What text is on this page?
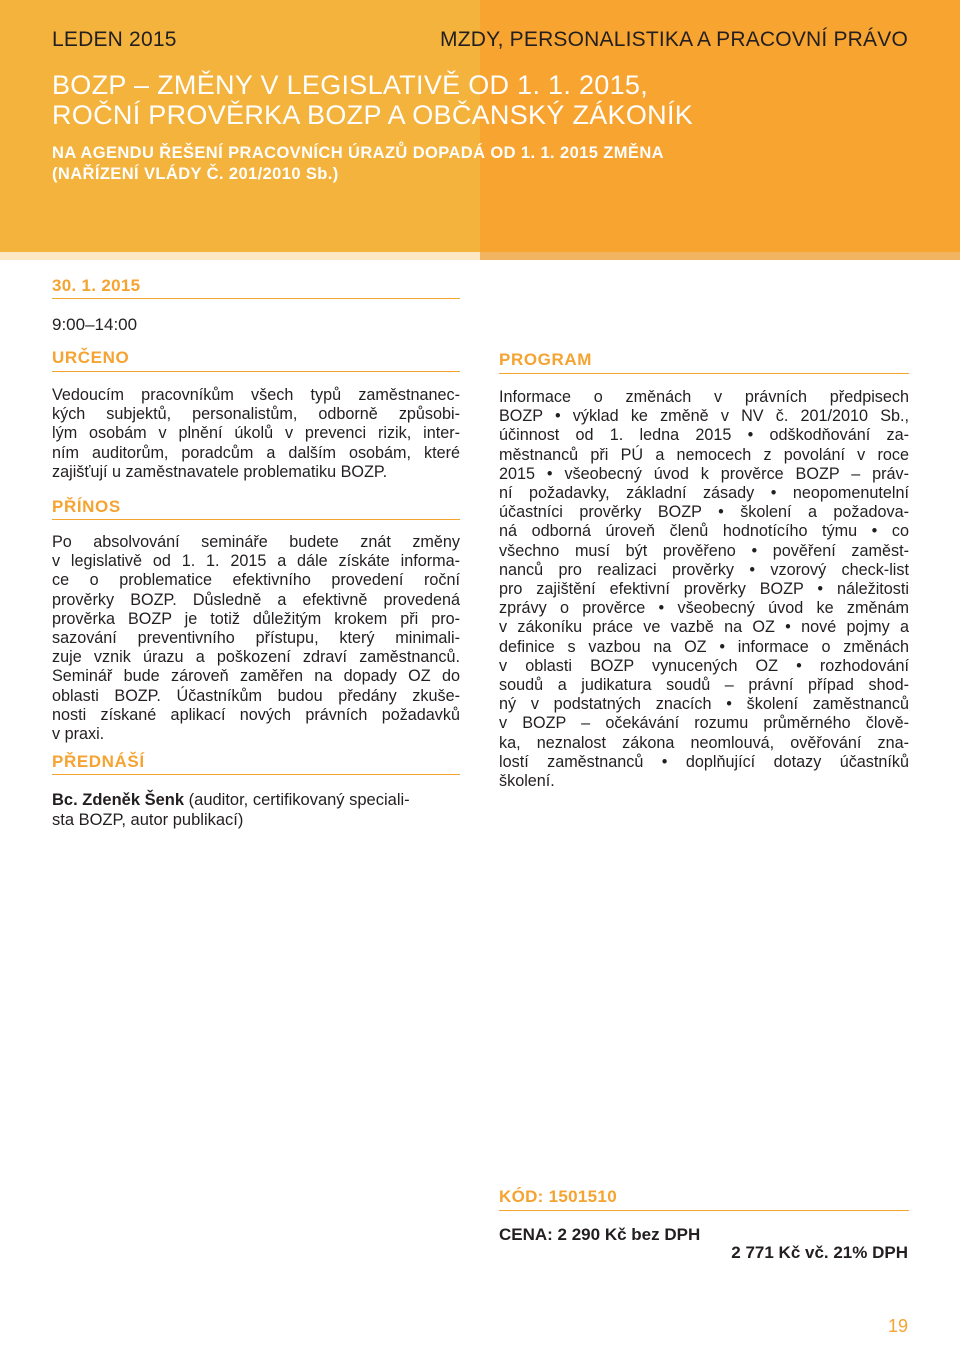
LEDEN 2015	MZDY, PERSONALISTIKA A PRACOVNÍ PRÁVO
BOZP – ZMĚNY V LEGISLATIVĚ OD 1. 1. 2015,
ROČNÍ PROVĚRKA BOZP A OBČANSKÝ ZÁKONÍK
NA AGENDU ŘEŠENÍ PRACOVNÍCH ÚRAZŮ DOPADÁ OD 1. 1. 2015 ZMĚNA
(NAŘÍZENÍ VLÁDY Č. 201/2010 Sb.)
30. 1. 2015
9:00–14:00
URČENO
Vedoucím pracovníkům všech typů zaměstnanec-
kých subjektů, personalistům, odborně způsobi-
lým osobám v plnění úkolů v prevenci rizik, inter-
ním auditorům, poradcům a dalším osobám, které
zajišťují u zaměstnavatele problematiku BOZP.
PŘÍNOS
Po absolvování semináře budete znát změny
v legislativě od 1. 1. 2015 a dále získáte informa-
ce o problematice efektivního provedení roční
prověrky BOZP. Důsledně a efektivně provedená
prověrka BOZP je totiž důležitým krokem při pro-
sazování preventivního přístupu, který minimali-
zuje vznik úrazu a poškození zdraví zaměstnanců.
Seminář bude zároveň zaměřen na dopady OZ do
oblasti BOZP. Účastníkům budou předány zkuše-
nosti získané aplikací nových právních požadavků
v praxi.
PŘEDNÁŠÍ
Bc. Zdeněk Šenk (auditor, certifikovaný speciali-
sta BOZP, autor publikací)
PROGRAM
Informace o změnách v právních předpisech
BOZP • výklad ke změně v NV č. 201/2010 Sb.,
účinnost od 1. ledna 2015 • odškodňování za-
městnanců při PÚ a nemocech z povolání v roce
2015 • všeobecný úvod k prověrce BOZP – práv-
ní požadavky, základní zásady • neopomenutelní
účastníci prověrky BOZP • školení a požadova-
ná odborná úroveň členů hodnotícího týmu • co
všechno musí být prověřeno • pověření zaměst-
nanců pro realizaci prověrky • vzorový check-list
pro zajištění efektivní prověrky BOZP • náležitosti
zprávy o prověrce • všeobecný úvod ke změnám
v zákoníku práce ve vazbě na OZ • nové pojmy a
definice s vazbou na OZ • informace o změnách
v oblasti BOZP vynucených OZ • rozhodování
soudů a judikatura soudů – právní případ shod-
ný v podstatných znacích • školení zaměstnanců
v BOZP – očekávání rozumu průměrného člově-
ka, neznalost zákona neomlouvá, ověřování zna-
lostí zaměstnanců • doplňující dotazy účastníků
školení.
KÓD: 1501510
CENA: 2 290 Kč bez DPH
2 771 Kč vč. 21% DPH
19
